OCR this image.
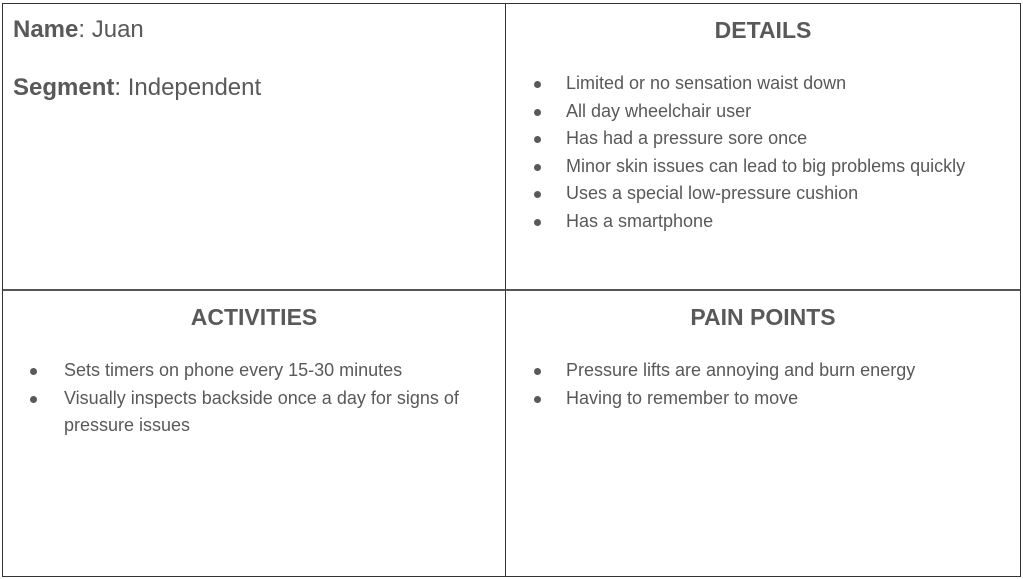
Name: Juan
Segment: Independent
DETAILS
Limited or no sensation waist down
All day wheelchair user
Has had a pressure sore once
Minor skin issues can lead to big problems quickly
Uses a special low-pressure cushion
Has a smartphone
ACTIVITIES
Sets timers on phone every 15-30 minutes
Visually inspects backside once a day for signs of pressure issues
PAIN POINTS
Pressure lifts are annoying and burn energy
Having to remember to move
